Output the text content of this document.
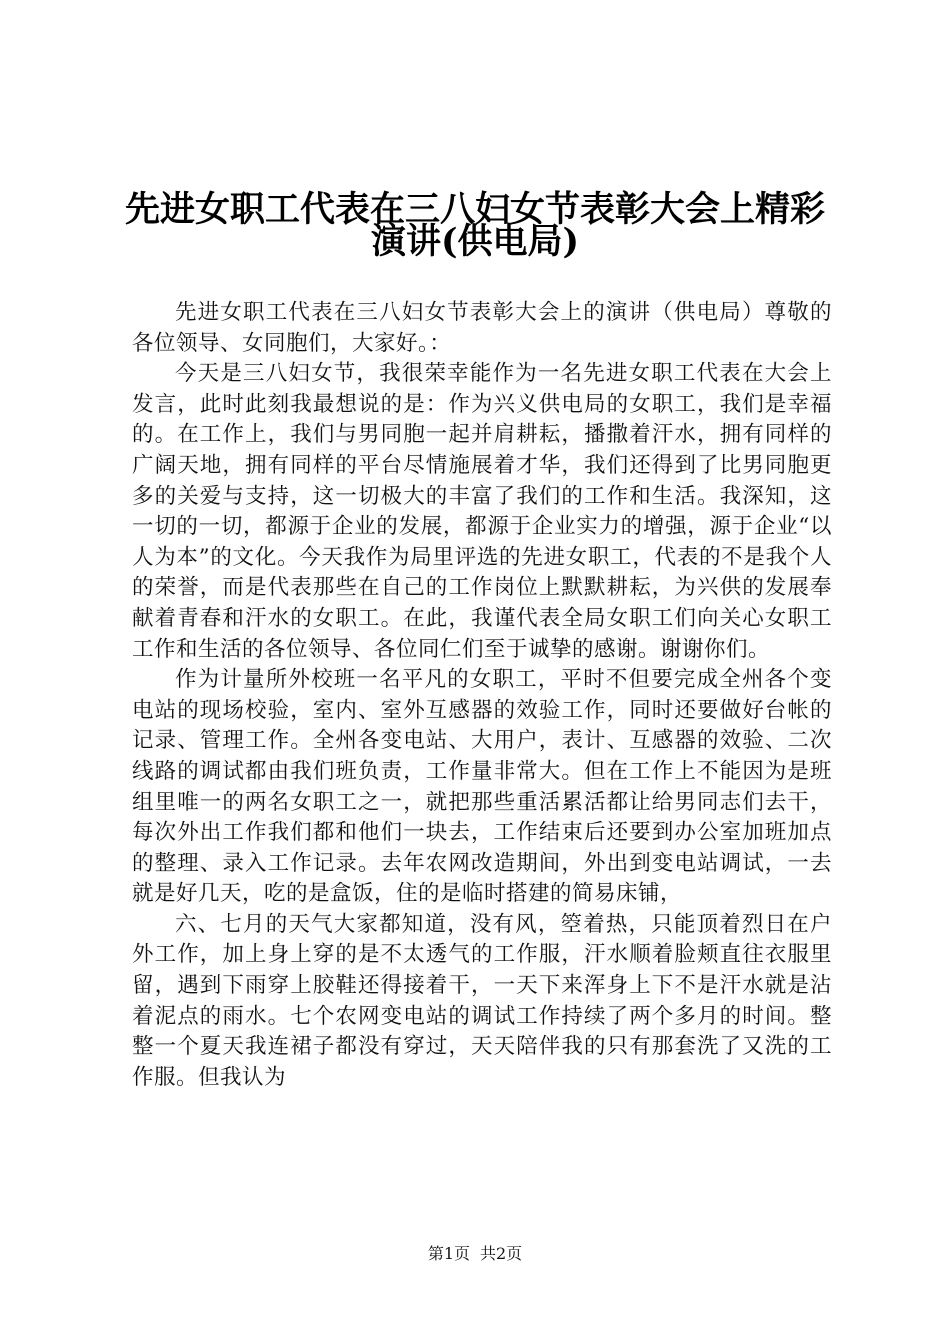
先进女职工代表在三八妇女节表彰大会上精彩
演讲(供电局)

先进女职工代表在三八妇女节表彰大会上的演讲（供电局）尊敬的各位领导、女同胞们，大家好。：

今天是三八妇女节，我很荣幸能作为一名先进女职工代表在大会上发言，此时此刻我最想说的是：作为兴义供电局的女职工，我们是幸福的。在工作上，我们与男同胞一起并肩耕耘，播撒着汗水，拥有同样的广阔天地，拥有同样的平台尽情施展着才华，我们还得到了比男同胞更多的关爱与支持，这一切极大的丰富了我们的工作和生活。我深知，这一切的一切，都源于企业的发展，都源于企业实力的增强，源于企业“以人为本”的文化。今天我作为局里评选的先进女职工，代表的不是我个人的荣誉，而是代表那些在自己的工作岗位上默默耕耘，为兴供的发展奉献着青春和汗水的女职工。在此，我谨代表全局女职工们向关心女职工工作和生活的各位领导、各位同仁们至于诚挚的感谢。谢谢你们。

作为计量所外校班一名平凡的女职工，平时不但要完成全州各个变电站的现场校验，室内、室外互感器的效验工作，同时还要做好台帐的记录、管理工作。全州各变电站、大用户，表计、互感器的效验、二次线路的调试都由我们班负责，工作量非常大。但在工作上不能因为是班组里唯一的两名女职工之一，就把那些重活累活都让给男同志们去干，每次外出工作我们都和他们一块去，工作结束后还要到办公室加班加点的整理、录入工作记录。去年农网改造期间，外出到变电站调试，一去就是好几天，吃的是盒饭，住的是临时搭建的简易床铺，

六、七月的天气大家都知道，没有风，箜着热，只能顶着烈日在户外工作，加上身上穿的是不太透气的工作服，汗水顺着脸颊直往衣服里留，遇到下雨穿上胶鞋还得接着干，一天下来浑身上下不是汗水就是沾着泥点的雨水。七个农网变电站的调试工作持续了两个多月的时间。整整一个夏天我连裙子都没有穿过，天天陪伴我的只有那套洗了又洗的工作服。但我认为

第1页 共2页
